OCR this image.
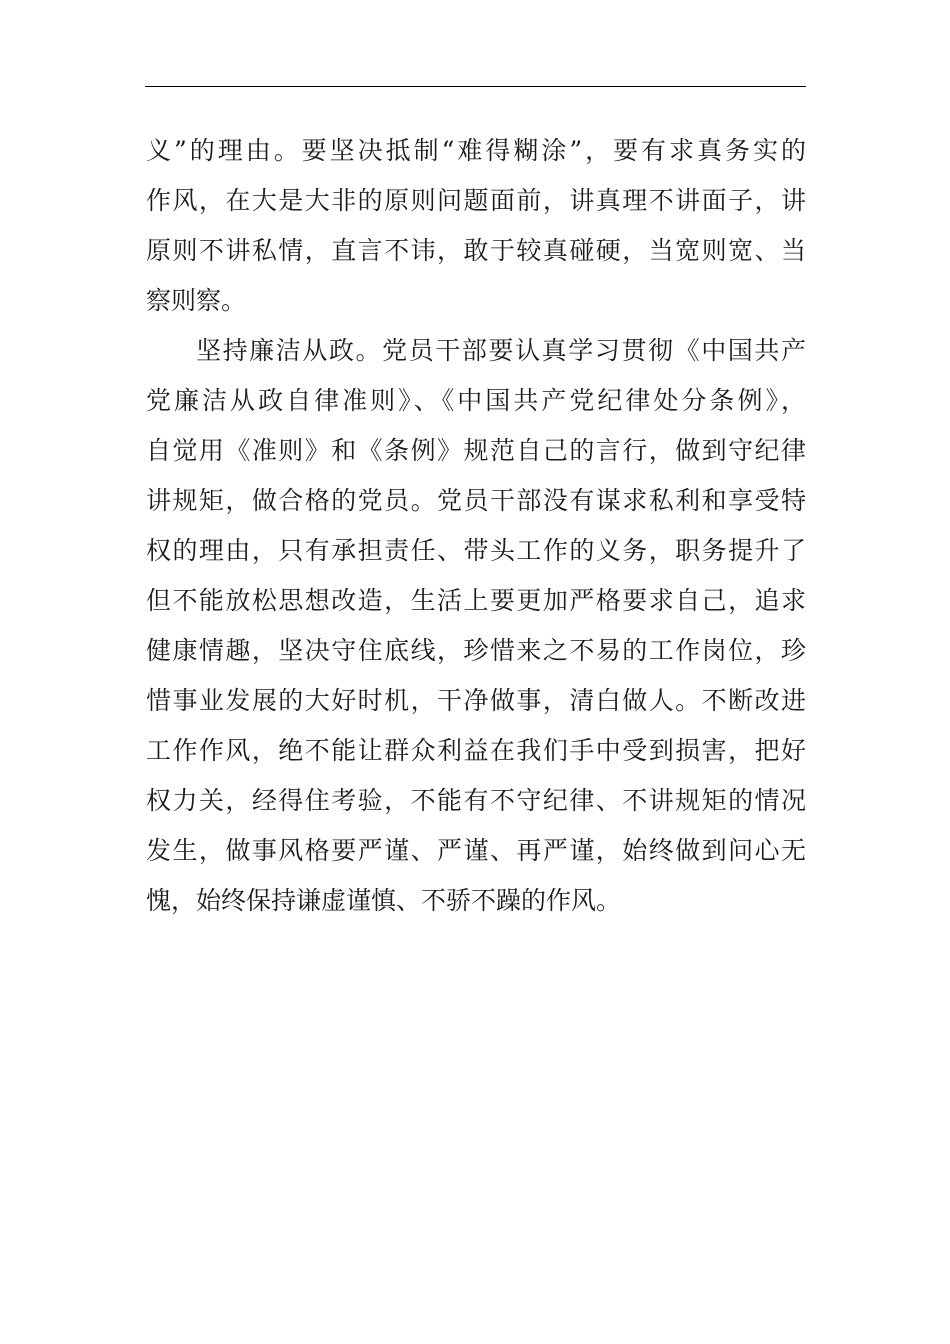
义”的理由。要坚决抵制“难得糊涂”，要有求真务实的
作风，在大是大非的原则问题面前，讲真理不讲面子，讲
原则不讲私情，直言不讳，敢于较真碰硬，当宽则宽、当
察则察。
坚持廉洁从政。党员干部要认真学习贯彻《中国共产
党廉洁从政自律准则》、《中国共产党纪律处分条例》，
自觉用《准则》和《条例》规范自己的言行，做到守纪律
讲规矩，做合格的党员。党员干部没有谋求私利和享受特
权的理由，只有承担责任、带头工作的义务，职务提升了
但不能放松思想改造，生活上要更加严格要求自己，追求
健康情趣，坚决守住底线，珍惜来之不易的工作岗位，珍
惜事业发展的大好时机，干净做事，清白做人。不断改进
工作作风，绝不能让群众利益在我们手中受到损害，把好
权力关，经得住考验，不能有不守纪律、不讲规矩的情况
发生，做事风格要严谨、严谨、再严谨，始终做到问心无
愧，始终保持谦虚谨慎、不骄不躁的作风。
